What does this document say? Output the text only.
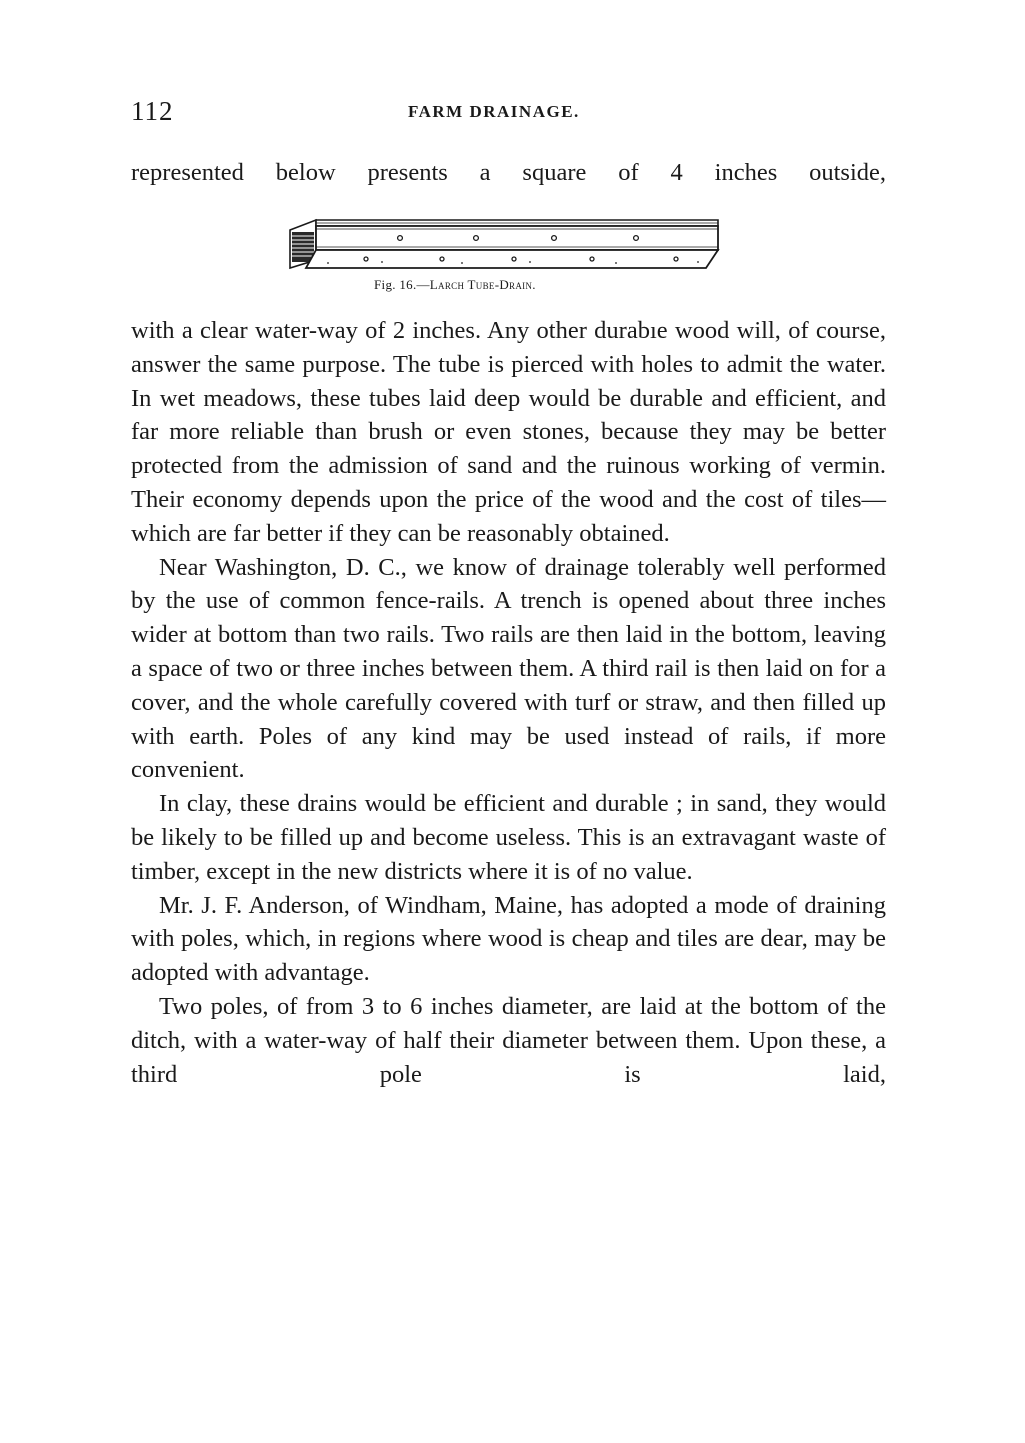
112	FARM DRAINAGE.
represented below presents a square of 4 inches outside,
Fig. 16.—Larch Tube-Drain.

with a clear water-way of 2 inches. Any other durabıe wood will, of course, answer the same purpose. The tube is pierced with holes to admit the water. In wet meadows, these tubes laid deep would be durable and efficient, and far more reliable than brush or even stones, because they may be better protected from the admission of sand and the ruinous working of vermin. Their economy depends upon the price of the wood and the cost of tiles—which are far better if they can be reasonably obtained.

Near Washington, D. C., we know of drainage tolerably well performed by the use of common fence-rails. A trench is opened about three inches wider at bottom than two rails. Two rails are then laid in the bottom, leaving a space of two or three inches between them. A third rail is then laid on for a cover, and the whole carefully covered with turf or straw, and then filled up with earth. Poles of any kind may be used instead of rails, if more convenient.

In clay, these drains would be efficient and durable ; in sand, they would be likely to be filled up and become useless. This is an extravagant waste of timber, except in the new districts where it is of no value.

Mr. J. F. Anderson, of Windham, Maine, has adopted a mode of draining with poles, which, in regions where wood is cheap and tiles are dear, may be adopted with advantage.

Two poles, of from 3 to 6 inches diameter, are laid at the bottom of the ditch, with a water-way of half their diameter between them. Upon these, a third pole is laid,
